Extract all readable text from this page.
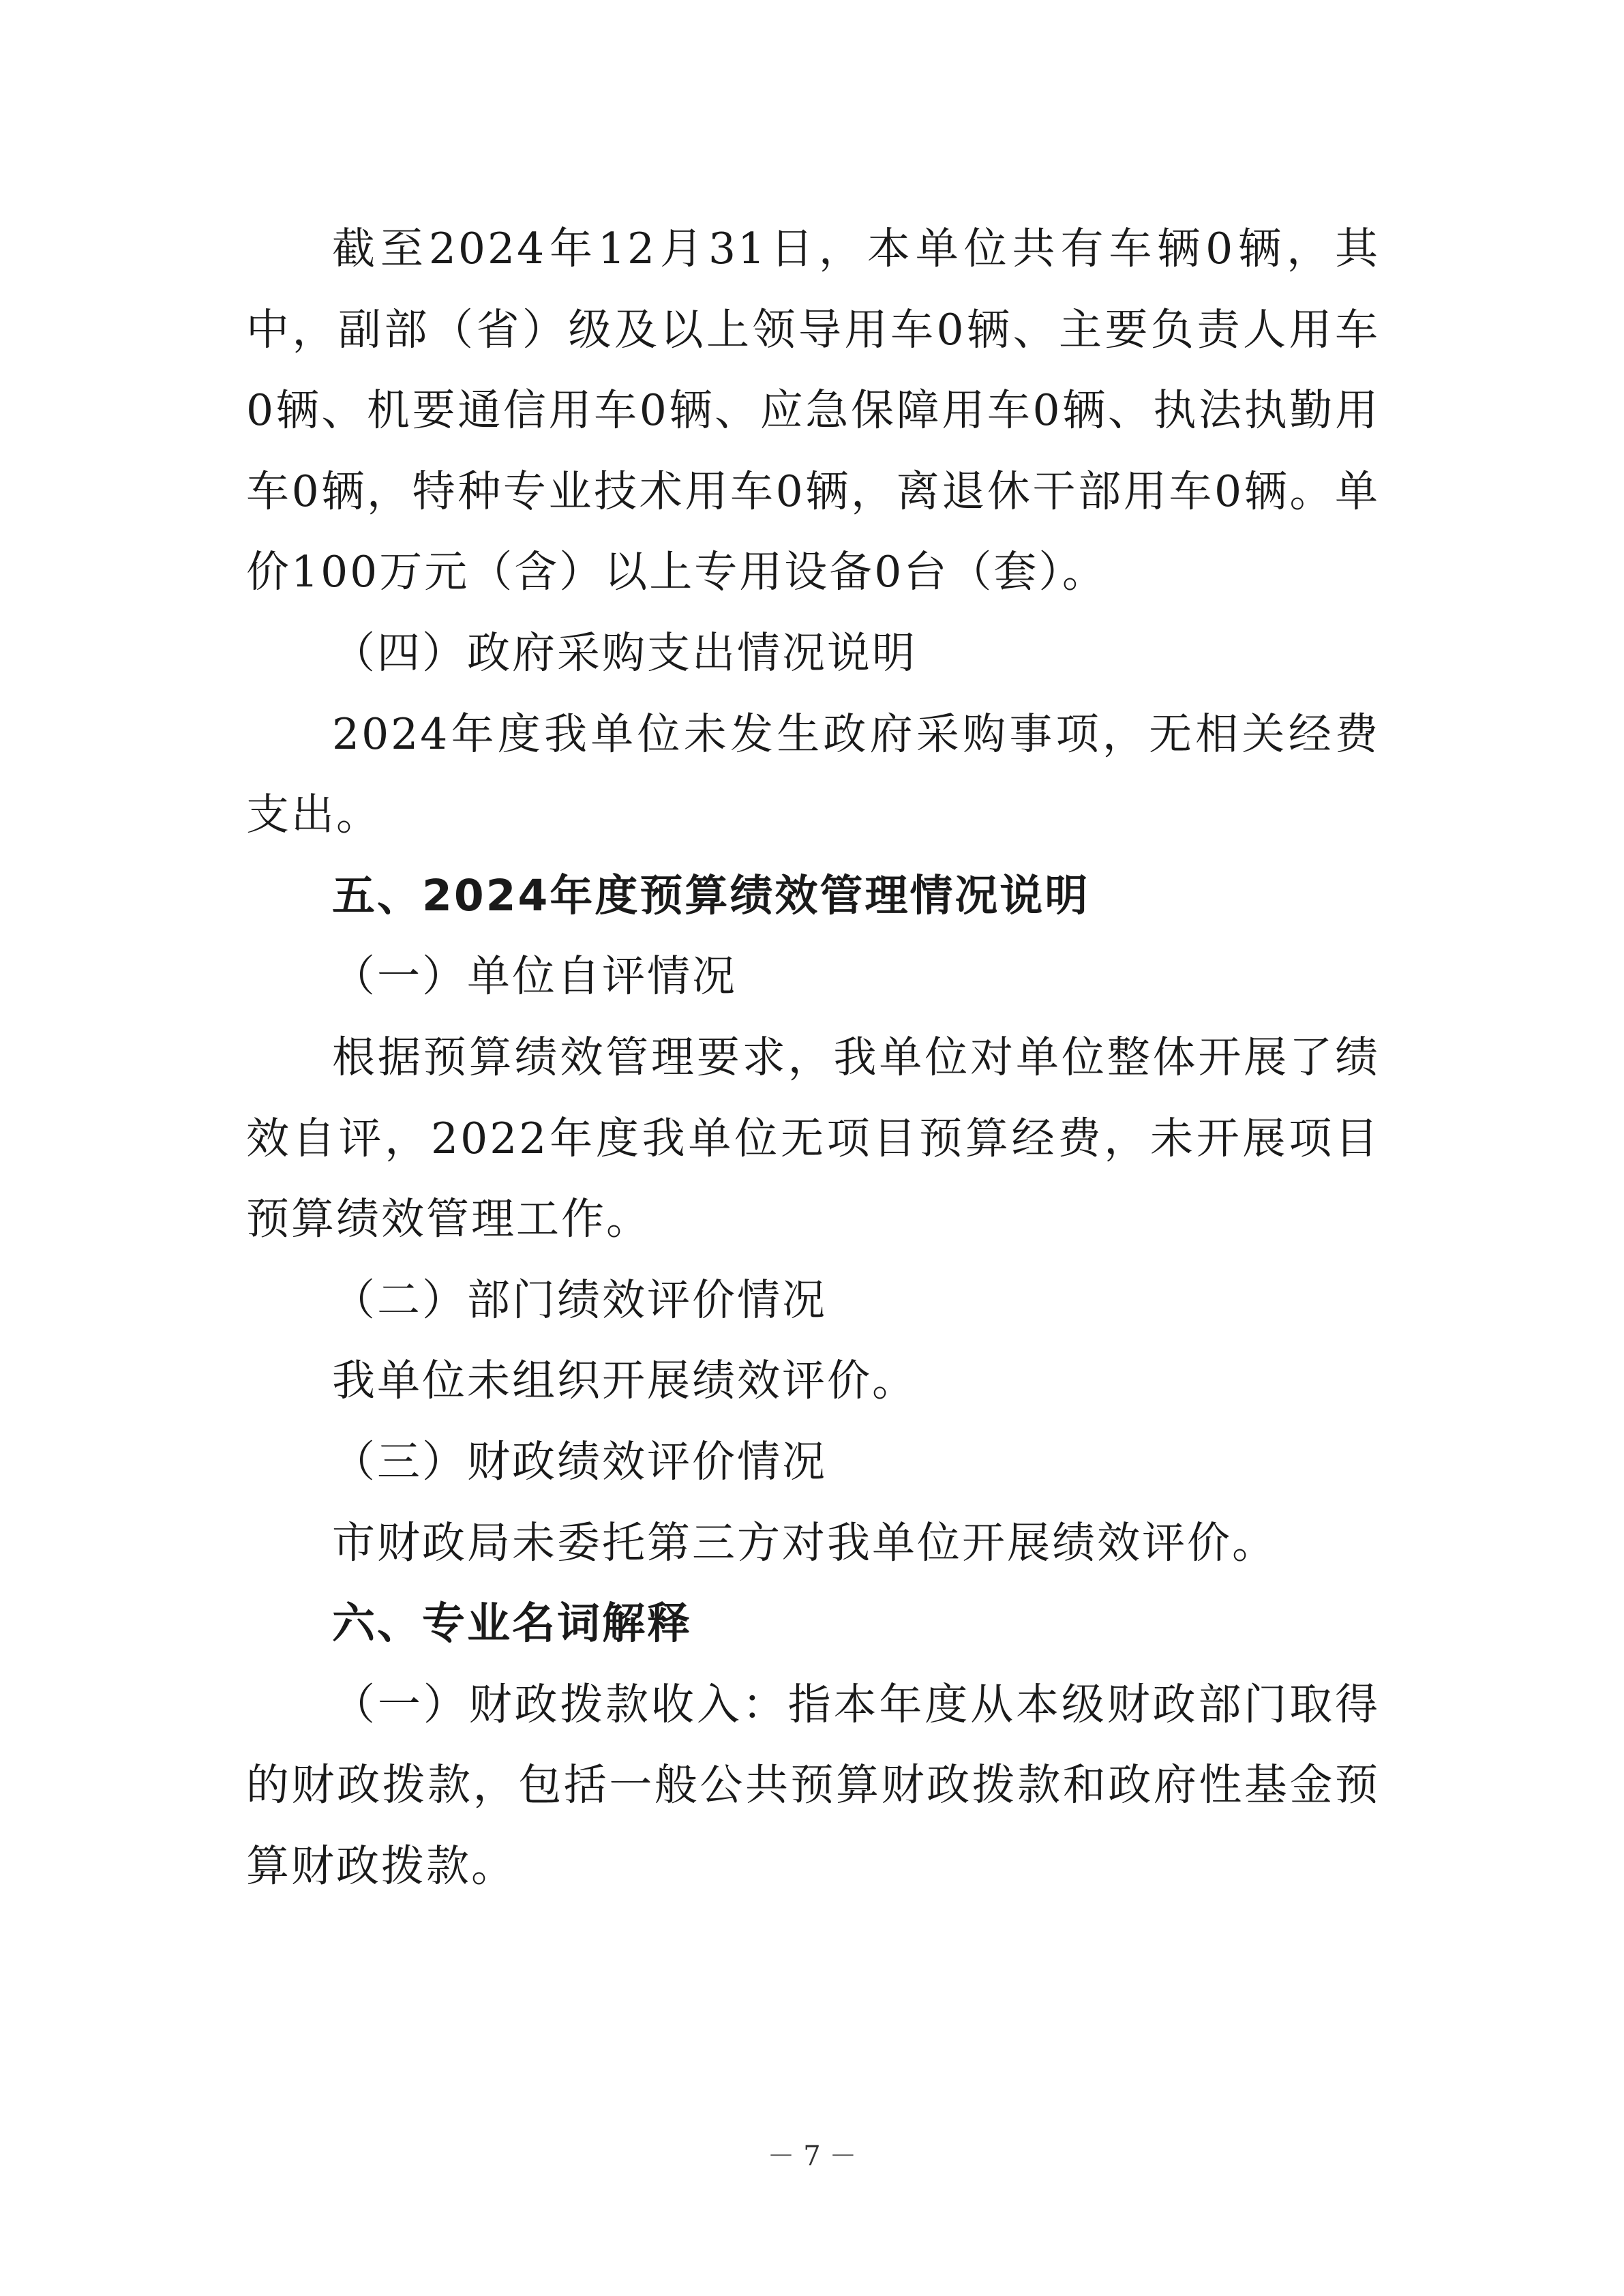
截至2024年12月31日，本单位共有车辆0辆，其中，副部（省）级及以上领导用车0辆、主要负责人用车0辆、机要通信用车0辆、应急保障用车0辆、执法执勤用车0辆，特种专业技术用车0辆，离退休干部用车0辆。单价100万元（含）以上专用设备0台（套）。

（四）政府采购支出情况说明

2024年度我单位未发生政府采购事项，无相关经费支出。

五、2024年度预算绩效管理情况说明

（一）单位自评情况

根据预算绩效管理要求，我单位对单位整体开展了绩效自评，2022年度我单位无项目预算经费，未开展项目预算绩效管理工作。

（二）部门绩效评价情况

我单位未组织开展绩效评价。

（三）财政绩效评价情况

市财政局未委托第三方对我单位开展绩效评价。

六、专业名词解释

（一）财政拨款收入：指本年度从本级财政部门取得的财政拨款，包括一般公共预算财政拨款和政府性基金预算财政拨款。

－ 7 －
